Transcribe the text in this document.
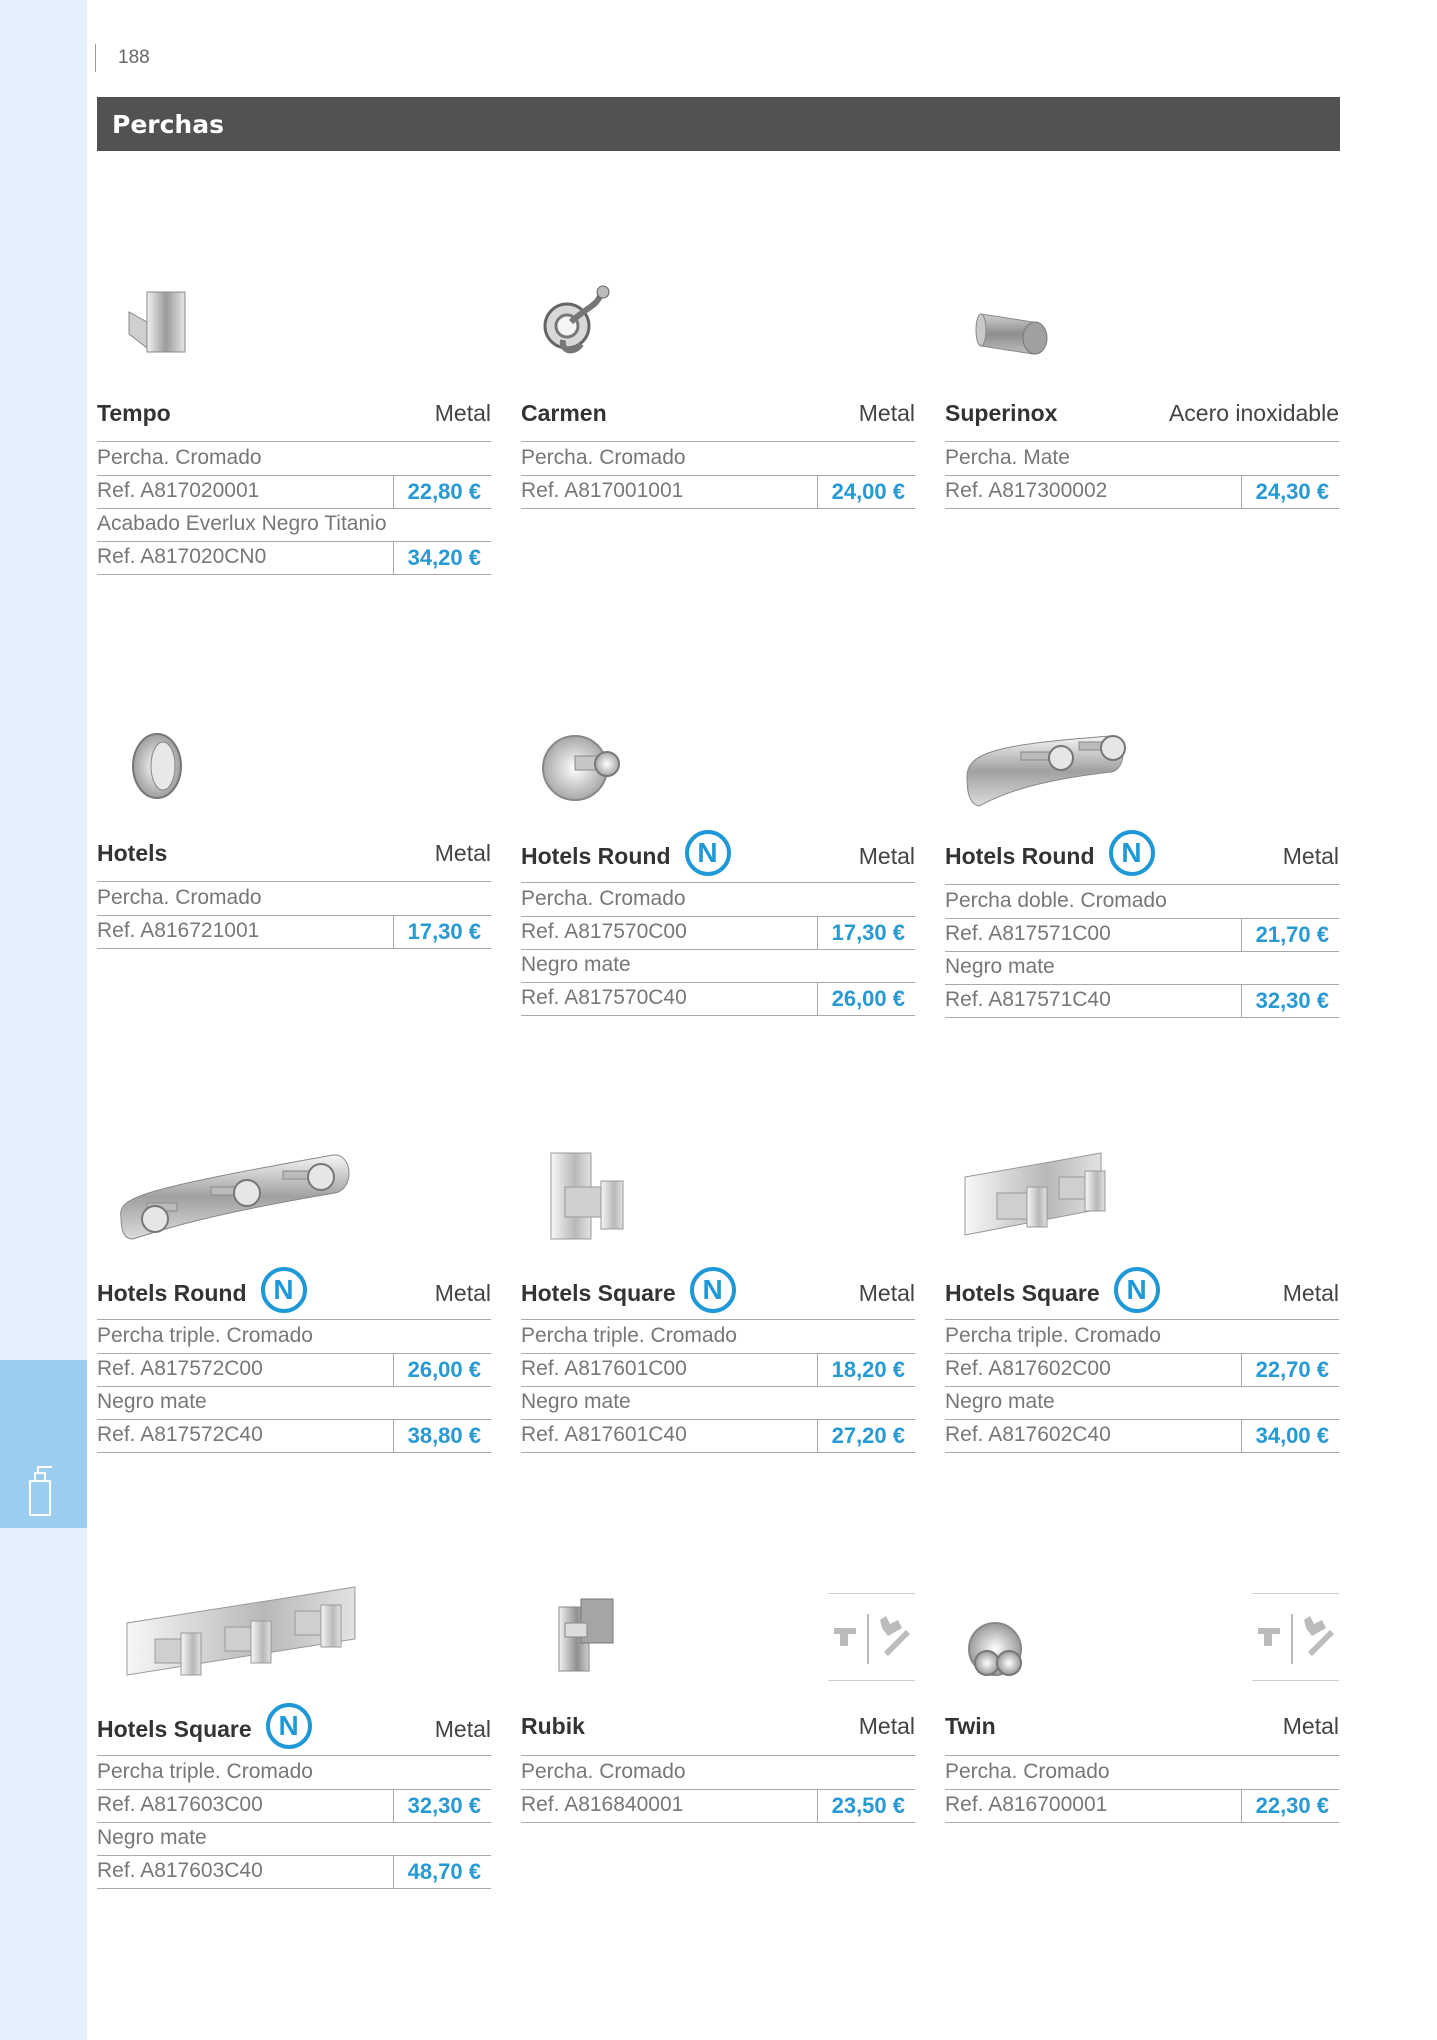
188
Perchas
Tempo	Metal
Percha. Cromado
Ref. A817020001	22,80 €
Acabado Everlux Negro Titanio
Ref. A817020CN0	34,20 €
Carmen	Metal
Percha. Cromado
Ref. A817001001	24,00 €
Superinox	Acero inoxidable
Percha. Mate
Ref. A817300002	24,30 €
Hotels	Metal
Percha. Cromado
Ref. A816721001	17,30 €
Hotels Round N	Metal
Percha. Cromado
Ref. A817570C00	17,30 €
Negro mate
Ref. A817570C40	26,00 €
Hotels Round N	Metal
Percha doble. Cromado
Ref. A817571C00	21,70 €
Negro mate
Ref. A817571C40	32,30 €
Hotels Round N	Metal
Percha triple. Cromado
Ref. A817572C00	26,00 €
Negro mate
Ref. A817572C40	38,80 €
Hotels Square N	Metal
Percha triple. Cromado
Ref. A817601C00	18,20 €
Negro mate
Ref. A817601C40	27,20 €
Hotels Square N	Metal
Percha triple. Cromado
Ref. A817602C00	22,70 €
Negro mate
Ref. A817602C40	34,00 €
Hotels Square N	Metal
Percha triple. Cromado
Ref. A817603C00	32,30 €
Negro mate
Ref. A817603C40	48,70 €
Rubik	Metal
Percha. Cromado
Ref. A816840001	23,50 €
Twin	Metal
Percha. Cromado
Ref. A816700001	22,30 €
